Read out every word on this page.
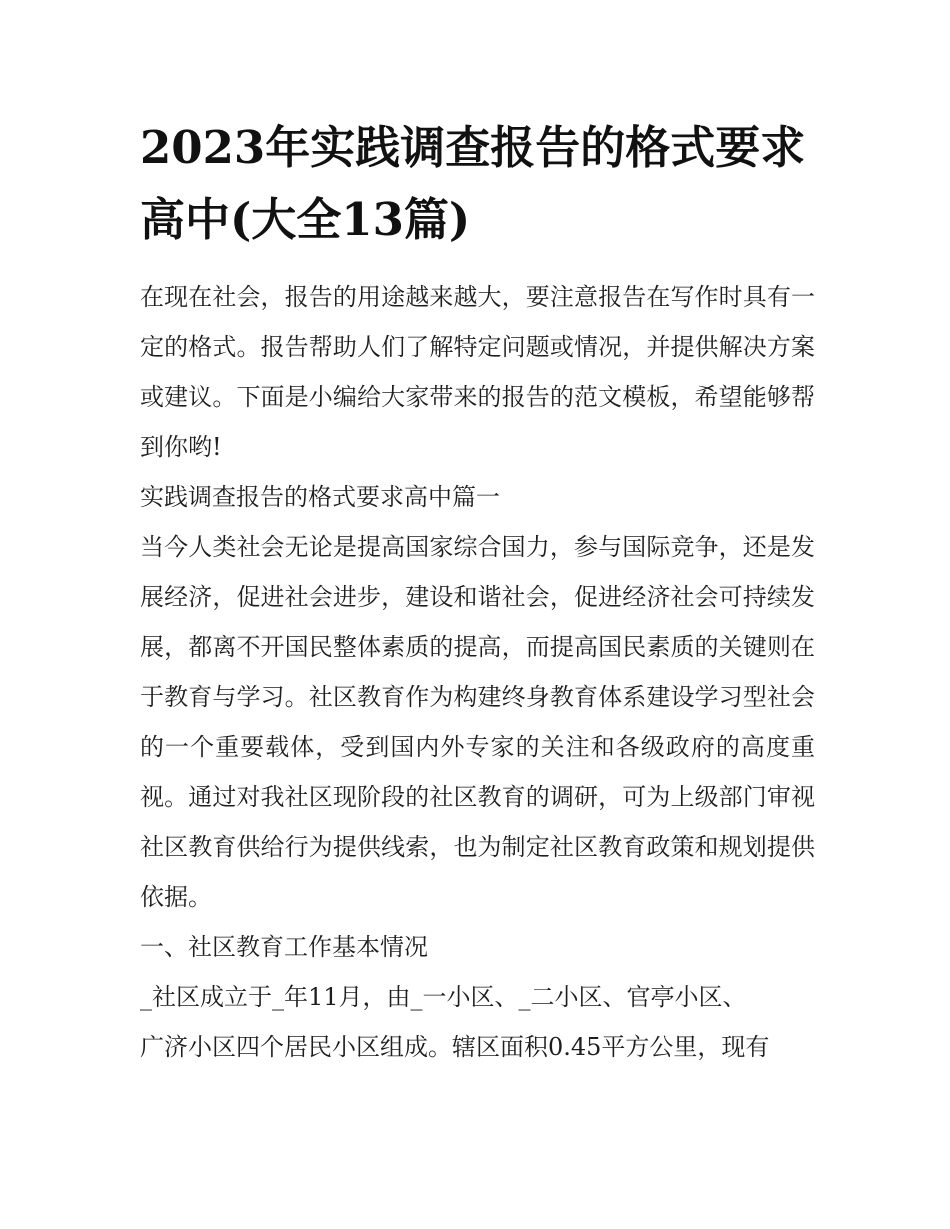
2023年实践调查报告的格式要求高中(大全13篇)

在现在社会，报告的用途越来越大，要注意报告在写作时具有一定的格式。报告帮助人们了解特定问题或情况，并提供解决方案或建议。下面是小编给大家带来的报告的范文模板，希望能够帮到你哟!

实践调查报告的格式要求高中篇一

当今人类社会无论是提高国家综合国力，参与国际竞争，还是发展经济，促进社会进步，建设和谐社会，促进经济社会可持续发展，都离不开国民整体素质的提高，而提高国民素质的关键则在于教育与学习。社区教育作为构建终身教育体系建设学习型社会的一个重要载体，受到国内外专家的关注和各级政府的高度重视。通过对我社区现阶段的社区教育的调研，可为上级部门审视社区教育供给行为提供线索，也为制定社区教育政策和规划提供依据。

一、社区教育工作基本情况

_社区成立于_年11月，由_一小区、_二小区、官亭小区、

广济小区四个居民小区组成。辖区面积0.45平方公里，现有
